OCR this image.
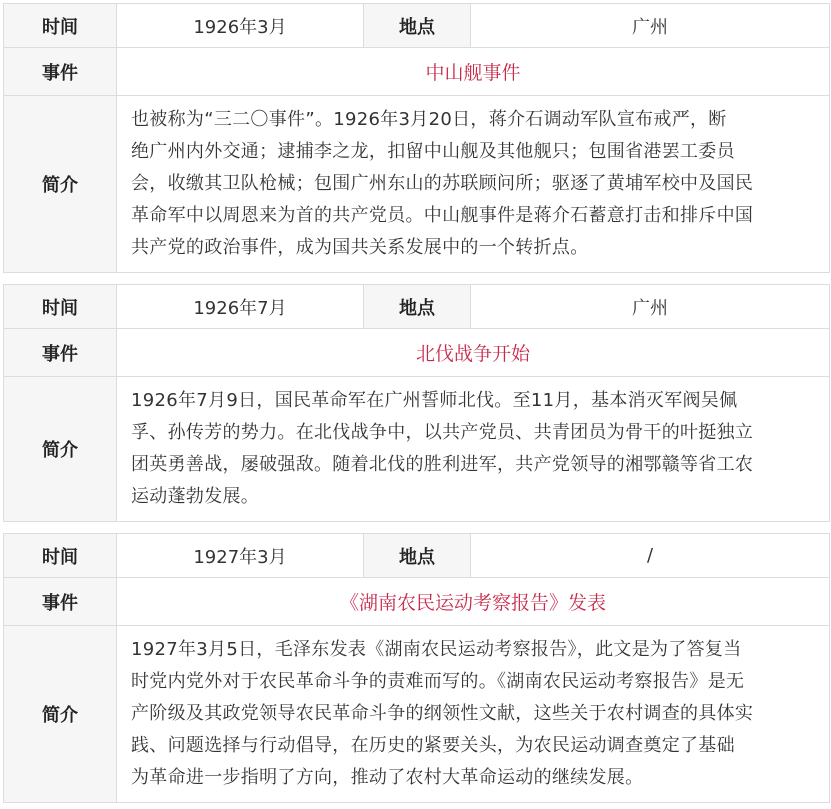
时间	1926年3月	地点	广州
事件	中山舰事件		
简介	也被称为“三二〇事件”。1926年3月20日，蒋介石调动军队宣布戒严，断

绝广州内外交通；逮捕李之龙，扣留中山舰及其他舰只；包围省港罢工委员

会，收缴其卫队枪械；包围广州东山的苏联顾问所；驱逐了黄埔军校中及国民

革命军中以周恩来为首的共产党员。中山舰事件是蒋介石蓄意打击和排斥中国

共产党的政治事件，成为国共关系发展中的一个转折点。		

时间	1926年7月	地点	广州
事件	北伐战争开始		
简介	1926年7月9日，国民革命军在广州誓师北伐。至11月，基本消灭军阀吴佩

孚、孙传芳的势力。在北伐战争中，以共产党员、共青团员为骨干的叶挺独立

团英勇善战，屡破强敌。随着北伐的胜利进军，共产党领导的湘鄂赣等省工农

运动蓬勃发展。		

时间	1927年3月	地点	/
事件	《湖南农民运动考察报告》发表		
简介	1927年3月5日，毛泽东发表《湖南农民运动考察报告》，此文是为了答复当

时党内党外对于农民革命斗争的责难而写的。《湖南农民运动考察报告》是无

产阶级及其政党领导农民革命斗争的纲领性文献，这些关于农村调查的具体实

践、问题选择与行动倡导，在历史的紧要关头，为农民运动调查奠定了基础

为革命进一步指明了方向，推动了农村大革命运动的继续发展。		
